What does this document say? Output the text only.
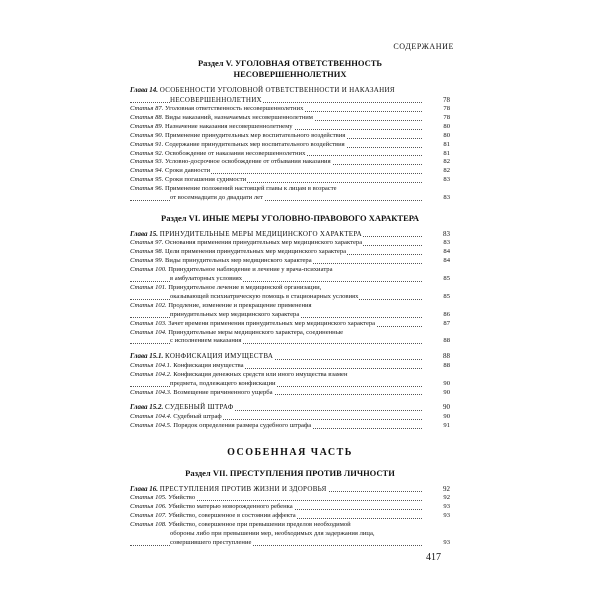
СОДЕРЖАНИЕ
Раздел V. УГОЛОВНАЯ ОТВЕТСТВЕННОСТЬ
НЕСОВЕРШЕННОЛЕТНИХ
Глава 14. ОСОБЕННОСТИ УГОЛОВНОЙ ОТВЕТСТВЕННОСТИ И НАКАЗАНИЯ
НЕСОВЕРШЕННОЛЕТНИХ	78
Статья 87. Уголовная ответственность несовершеннолетних	78
Статья 88. Виды наказаний, назначаемых несовершеннолетним	78
Статья 89. Назначение наказания несовершеннолетнему	80
Статья 90. Применение принудительных мер воспитательного воздействия	80
Статья 91. Содержание принудительных мер воспитательного воздействия	81
Статья 92. Освобождение от наказания несовершеннолетних	81
Статья 93. Условно-досрочное освобождение от отбывания наказания	82
Статья 94. Сроки давности	82
Статья 95. Сроки погашения судимости	83
Статья 96. Применение положений настоящей главы к лицам в возрасте
от восемнадцати до двадцати лет	83
Раздел VI. ИНЫЕ МЕРЫ УГОЛОВНО-ПРАВОВОГО ХАРАКТЕРА
Глава 15. ПРИНУДИТЕЛЬНЫЕ МЕРЫ МЕДИЦИНСКОГО ХАРАКТЕРА	83
Статья 97. Основания применения принудительных мер медицинского характера	83
Статья 98. Цели применения принудительных мер медицинского характера	84
Статья 99. Виды принудительных мер медицинского характера	84
Статья 100. Принудительное наблюдение и лечение у врача-психиатра
в амбулаторных условиях	85
Статья 101. Принудительное лечение в медицинской организации,
оказывающей психиатрическую помощь в стационарных условиях	85
Статья 102. Продление, изменение и прекращение применения
принудительных мер медицинского характера	86
Статья 103. Зачет времени применения принудительных мер медицинского характера	87
Статья 104. Принудительные меры медицинского характера, соединенные
с исполнением наказания	88
Глава 15.1. КОНФИСКАЦИЯ ИМУЩЕСТВА	88
Статья 104.1. Конфискация имущества	88
Статья 104.2. Конфискация денежных средств или иного имущества взамен
предмета, подлежащего конфискации	90
Статья 104.3. Возмещение причиненного ущерба	90
Глава 15.2. СУДЕБНЫЙ ШТРАФ	90
Статья 104.4. Судебный штраф	90
Статья 104.5. Порядок определения размера судебного штрафа	91
ОСОБЕННАЯ ЧАСТЬ
Раздел VII. ПРЕСТУПЛЕНИЯ ПРОТИВ ЛИЧНОСТИ
Глава 16. ПРЕСТУПЛЕНИЯ ПРОТИВ ЖИЗНИ И ЗДОРОВЬЯ	92
Статья 105. Убийство	92
Статья 106. Убийство матерью новорожденного ребенка	93
Статья 107. Убийство, совершенное в состоянии аффекта	93
Статья 108. Убийство, совершенное при превышении пределов необходимой
обороны либо при превышении мер, необходимых для задержания лица,
совершившего преступление	93
417
